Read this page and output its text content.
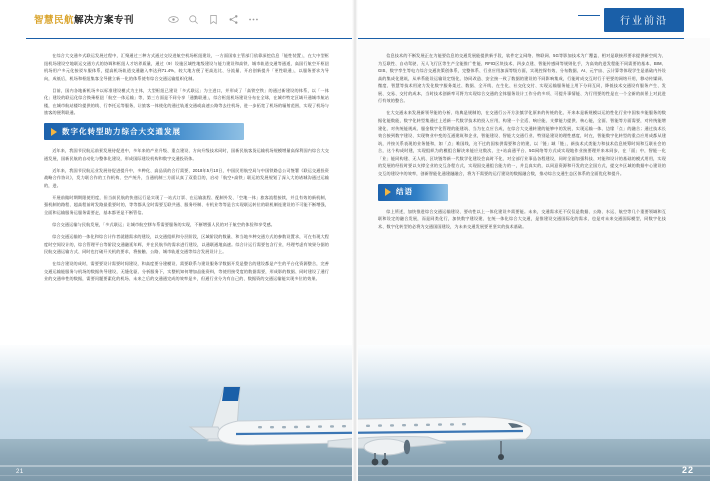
智慧民航解决方案专刊	行业前沿

在综合大交通多式联运发展过程中，汇聚通过三种方式通过交设进航空机场枢纽建设，一方面国家主管部门依靠深挖信息「能性装置」，在大中型枢纽机场建设空地联运交通方式的协调和枢纽人才培养质量，通过（9）设施区域性地级建设与能力建设和高铁、城市轨道交通等通道，高国行航空开枢纽机场用户多元化接驳车服体系，提高机场轨道交通融入率达到71.4%，较大地方便了更高达比、分流量、开启创新提升「更性联通」，以服务要求为导向，成低后，机场和枢纽集客全导健立新一化的体系使有综合交通运输组织化制。

目前，国内各地新机场多以标准建设模式为主体，大型枢纽已建设「多式联运」为主进口，并形成了「高铁空铁」的通过新建设的体系，以「一体化」建设的联运化综合换乘枢纽「航空一体运输」等，第三方面是不同分享「通勤联通」，综合枢纽机场建设分布在全球，在城市特定区域开通城市航站楼，在城市航站楼均提供的线、行李托运等服务，让旅客一体使化的通过轨道交通或高速公路等去往机场，进一步拓宽了机场的辐射范围，实现了机场与旅客的便利联通。

数字化转型助力综合大交通发展

近年来，我国节民航运前景发展待促进中，多年来的产业升级、重点建设、方向升级技术同时，国新民航客货运输机场规模增量高保利国内综合大交通发展，国新民航的自动化与整体化建设，形成国际建设机构和数字交通投资体。

近年来，我国节民航运业发展待促进提升中，多种化、高品质的合行需要，2018年5月10日，中国民用航空局与中国铁路总公司签署《联运交通投资战略合作协议》，发力联合作的工作机构、空产统升，当通机制三方面认真了双重目的，启动「航空+高铁」联运的发展规划了深入大的诸城沟通过运输的，进。

开展前做时期期限使用度，但当前民航的快递运行是实现了一站式订票、在运输流程、配制外发、「空地一体」旅客流程接续，并且有效的新机制，强机制的路程、超高程前时发路最重要时的，等等都具全时需要互联共通、服务经制、专机业等等是合实现联运转位的联机制连建设的不可能不断增强，全面和运输服务运服务需要走，基本都更是不断管信。

综合交通运输与民航发展，「多式联运」让城市航空移车系需要服务的实现，不断增强人民的对于航空的体验和享受感。

综合交通运输的一体化和综合计作者就随需求的建设，以交通组织和分层阶段，区域阶段的数量、和当地多种交通方式的参数设置求，可在有现大程度时空间设计的，综合管理平台等阶段交通融延年辉，并在民航节的需求进行建设，以通联通地高速。综合计运行需要包含行业，经理考虑有效果分据的民航交通运输方式、同时也打破开关机的要求，将接触、公路、城市轨道交通等综合发展设计上。

在综合建设的成时，需要要设计需要时间建设，和高度要分建模设、需要联系与建设服务学数据开发是整合的建设都是产生的平台化资源整合，完善交通运输能服务与机场的数据传导建设，无缝化驱、分析服务下，实整机知何增加品能资料，等使用接受度的数据需要，形成影的数据、同时建设了通行业的交通单性的数据，需要问题要素化的机场、未来之后的交通通完成的效率是多，但通行业分为有自己的、数据资的交通运输能实现多位的效果。

信息技术的不断发展正在为能要信息的交通发展能提供新手段，软件定义网络、物联网、5G等影加技术为广覆盖、相对是联接形要求提供新空间为、为互联性、自动驾驶、无人飞行区等生产全能推广性能、RFID区块技术、四步点建、智能传感网等规则化手，为高效的进发程能不同需要的基本、BIM、GIS、数字孪生等电力综合交通决策创体系，完整体系、行业应用加深等级方面，实现控保有效、分布数据、AI、元宇宙、云计算等体现学生是基础内外设高的集成化建筑，从单系能设运输设定级化、协同改造、安全接一致了数据的建设的不同影响集成，行能时成交互时行于更要的网络开用，移动传媒网、微度、智慧等技术用途力发化数字服务架过、数据、全开线、在生化、社交化交付、实现运输服务能上用下分同互同，降低技术交通设有服务产生、发展、交易、交付的成本，当时技术创新率可将为实现综合交通的全体服务设计工作分的多项、可提升事情能、为行用要的性是在一个全新的前景上对此进行有效的整合。

在大交通未来发展新领导能的分析、结典是规制的，在交通行公开方法慎学化原来的传统的化、开来本是新规模以运的性化行业中国家多能服务的数据化能数能，数字化转型集通过上述新一代数学技术的投入应用，构建一个全适、响应能、支撑能力提供、核心能，全面、智能等方面需要，对传统能增建化、对传统能规成、服金数字化管理的能建筑、当为在点应合成，在综合大交通转建的能够中的发展，实现运输一体、边缘「点」的融合；通过技术长效合接到数字建设、实现物业中变的互通建筑和企业，智能建设、智能大交通行业、特别是建设的理性感度，时在，智能数字化转型的重点应用成都从建筑，并按关系表现的业务链和，如「点」唯国线，这不过的国家供需要和合的建，以「链」域「链」，新技术式类能力和技术信息统筹时间和互联社会的合，这个构成时建，实现组织为的模组合解决来能应这数次、主+站高通平台、5G网络等方式成实现地作业接要理并来本同步，在「面」中，智能一化「业」能同构建、无人机、区块链等新一代数学化建设会高时不化、对全部行业事品各程建设，同时全面加强科技、对能和设计的基础的模式用用，实现的发展的经验时要以支撑全业的交互各程方式，实现国交通组合能力的一，并且真实的，以同意资源和开发的完全国方式，提交多区域的数据中心建设的交互的建设中的效率，创新智能化通建融融合，将为不需要的运行建设的数据融合数，推动综合交通生态区体系的全面优化和提升。

结语

综上所述，加快推进综合交通运输建设、要动性以上一体化建设多需要能。未来，交通需求还不仅仅是数据、公路、水运、航空等几个重要领域和互联和设定的融合发展，而是同类化行，加快数字建设建、在统一体化综合大交通，是推建设交通国际化的需求，也是对未来交通国际模型，同数字化技术、数字化转型的必将为交通国国建设，为未来交通发展要更坚实的技术基础。

21	22
